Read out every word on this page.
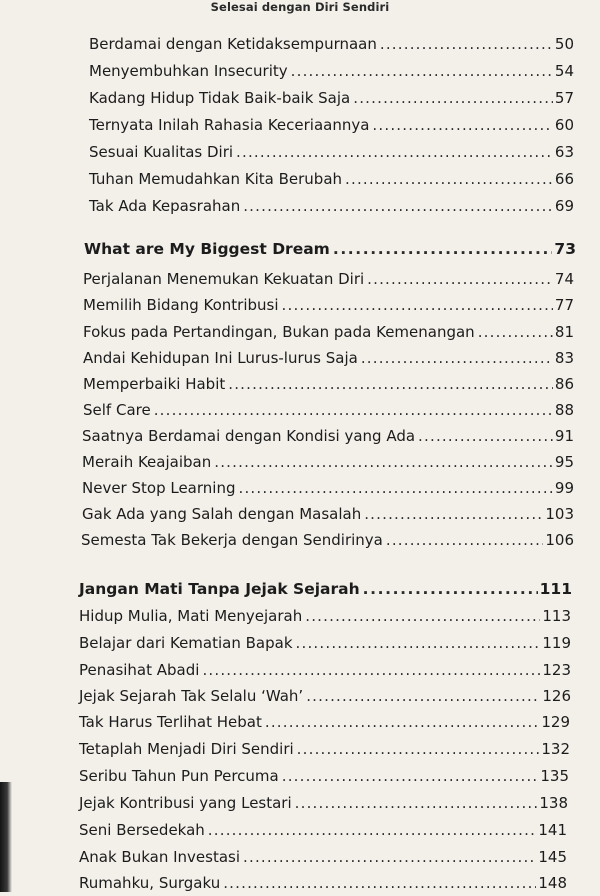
Selesai dengan Diri Sendiri
Berdamai dengan Ketidaksempurnaan .....	50
Menyembuhkan Insecurity .....	54
Kadang Hidup Tidak Baik-baik Saja .....	57
Ternyata Inilah Rahasia Keceriaannya .....	60
Sesuai Kualitas Diri .....	63
Tuhan Memudahkan Kita Berubah .....	66
Tak Ada Kepasrahan .....	69
What are My Biggest Dream .....	73
Perjalanan Menemukan Kekuatan Diri .....	74
Memilih Bidang Kontribusi .....	77
Fokus pada Pertandingan, Bukan pada Kemenangan .....	81
Andai Kehidupan Ini Lurus-lurus Saja .....	83
Memperbaiki Habit .....	86
Self Care .....	88
Saatnya Berdamai dengan Kondisi yang Ada .....	91
Meraih Keajaiban .....	95
Never Stop Learning .....	99
Gak Ada yang Salah dengan Masalah .....	103
Semesta Tak Bekerja dengan Sendirinya .....	106
Jangan Mati Tanpa Jejak Sejarah .....	111
Hidup Mulia, Mati Menyejarah .....	113
Belajar dari Kematian Bapak .....	119
Penasihat Abadi .....	123
Jejak Sejarah Tak Selalu ‘Wah’ .....	126
Tak Harus Terlihat Hebat .....	129
Tetaplah Menjadi Diri Sendiri .....	132
Seribu Tahun Pun Percuma .....	135
Jejak Kontribusi yang Lestari .....	138
Seni Bersedekah .....	141
Anak Bukan Investasi .....	145
Rumahku, Surgaku .....	148
